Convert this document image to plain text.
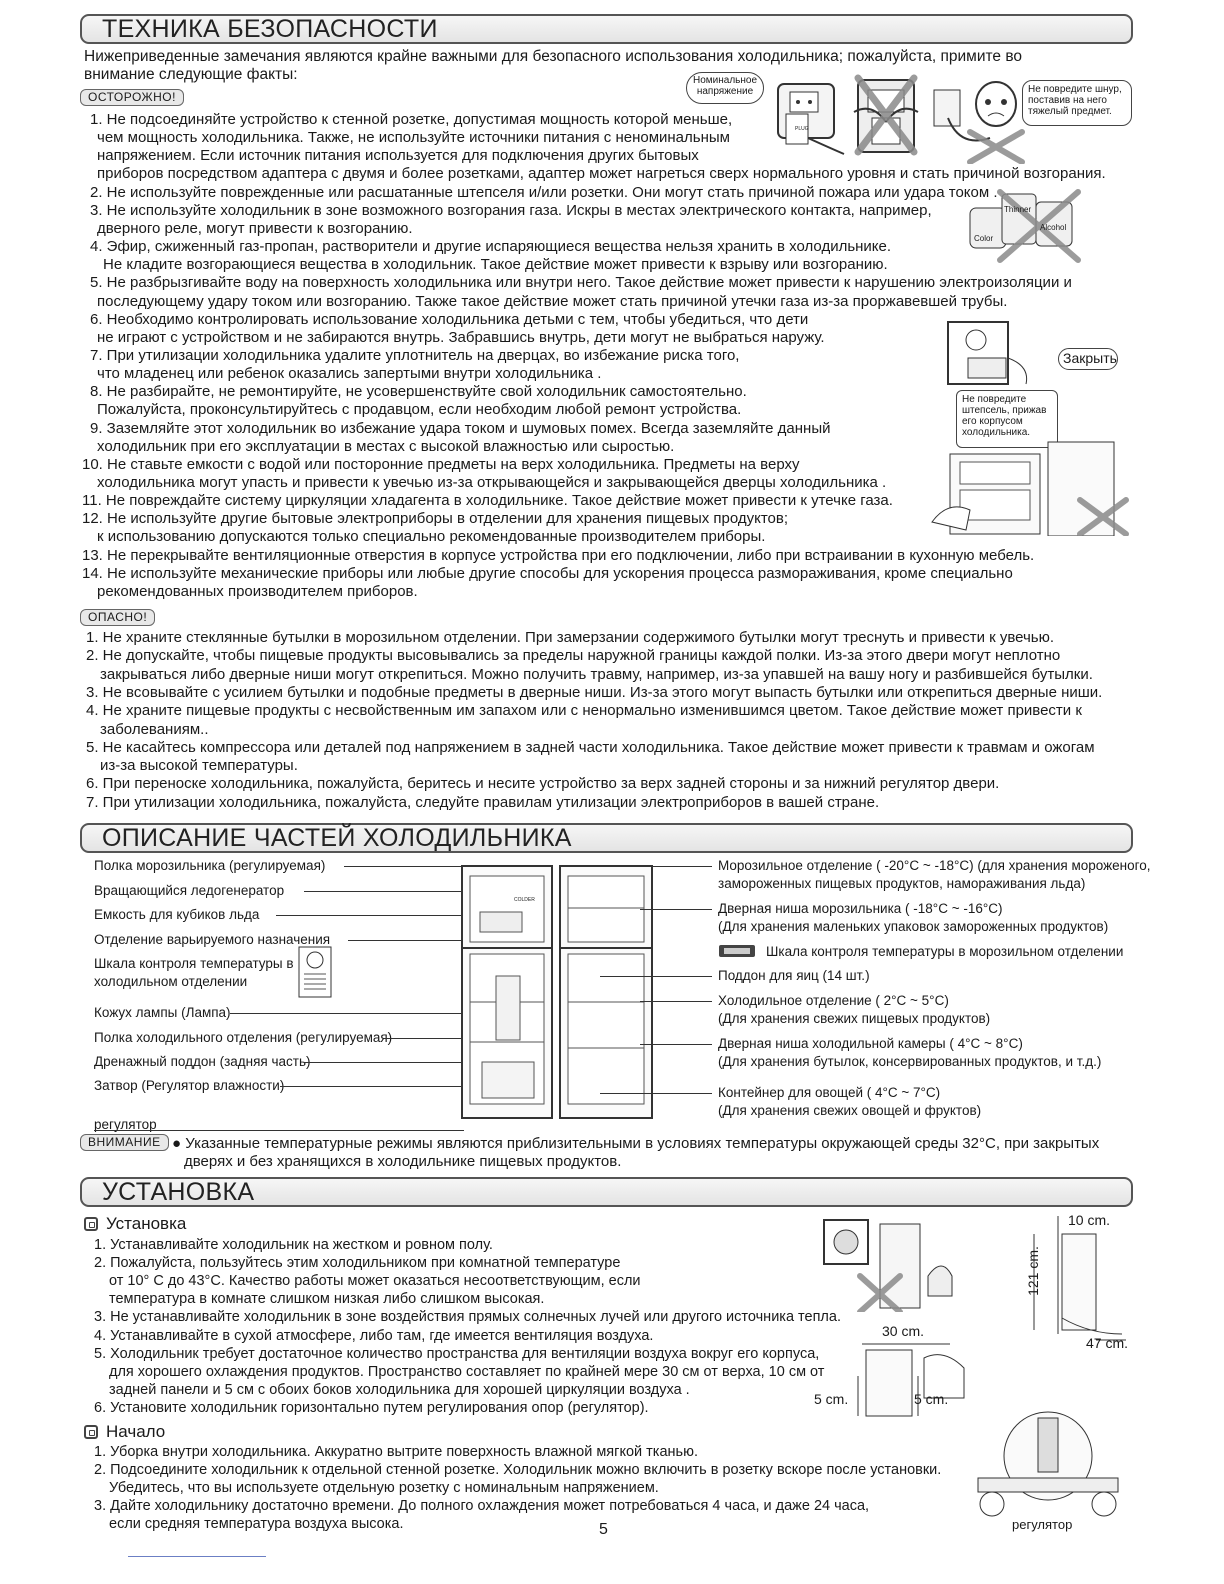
ТЕХНИКА БЕЗОПАСНОСТИ
Нижеприведенные замечания являются крайне важными для безопасного использования холодильника; пожалуйста, примите во
внимание следующие факты:
ОСТОРОЖНО!
1. Не подсоединяйте устройство к стенной розетке, допустимая мощность которой меньше,
чем мощность холодильника. Также, не используйте источники питания с неноминальным
напряжением. Если источник питания используется для подключения других бытовых
приборов посредством адаптера с двумя и более розетками, адаптер может нагреться сверх нормального уровня и стать причиной возгорания.
2. Не используйте поврежденные или расшатанные штепселя и/или розетки. Они могут стать причиной пожара или удара током .
3. Не используйте холодильник в зоне возможного возгорания газа. Искры в местах электрического контакта, например,
дверного реле, могут привести к возгоранию.
4. Эфир, сжиженный газ-пропан, растворители и другие испаряющиеся вещества нельзя хранить в холодильнике.
Не кладите возгорающиеся вещества в холодильник. Такое действие может привести к взрыву или возгоранию.
5. Не разбрызгивайте воду на поверхность холодильника или внутри него. Такое действие может привести к нарушению электроизоляции и
последующему удару током или возгоранию. Также такое действие может стать причиной утечки газа из-за проржавевшей трубы.
6. Необходимо контролировать использование холодильника детьми с тем, чтобы убедиться, что дети
не играют с устройством и не забираются внутрь. Забравшись внутрь, дети могут не выбраться наружу.
7. При утилизации холодильника удалите уплотнитель на дверцах, во избежание риска того,
что младенец или ребенок оказались запертыми внутри холодильника .
8. Не разбирайте, не ремонтируйте, не усовершенствуйте свой холодильник самостоятельно.
Пожалуйста, проконсультируйтесь с продавцом, если необходим любой ремонт устройства.
9. Заземляйте этот холодильник во избежание удара током и шумовых помех. Всегда заземляйте данный
холодильник при его эксплуатации в местах с высокой влажностью или сыростью.
10. Не ставьте емкости с водой или посторонние предметы на верх холодильника. Предметы на верху
холодильника могут упасть и привести к увечью из-за открывающейся и закрывающейся дверцы холодильника .
11. Не повреждайте систему циркуляции хладагента в холодильнике. Такое действие может привести к утечке газа.
12. Не используйте другие бытовые электроприборы в отделении для хранения пищевых продуктов;
к использованию допускаются только специально рекомендованные производителем приборы.
13. Не перекрывайте вентиляционные отверстия в корпусе устройства при его подключении, либо при встраивании в кухонную мебель.
14. Не используйте механические приборы или любые другие способы для ускорения процесса размораживания, кроме специально
рекомендованных производителем приборов.
ОПАСНО!
1. Не храните стеклянные бутылки в морозильном отделении. При замерзании содержимого бутылки могут треснуть и привести к увечью.
2. Не допускайте, чтобы пищевые продукты высовывались за пределы наружной границы каждой полки. Из-за этого двери могут неплотно
закрываться либо дверные ниши могут открепиться. Можно получить травму, например, из-за упавшей на вашу ногу и разбившейся бутылки.
3. Не всовывайте с усилием бутылки и подобные предметы в дверные ниши. Из-за этого могут выпасть бутылки или открепиться дверные ниши.
4. Не храните пищевые продукты с несвойственным им запахом или с ненормально изменившимся цветом. Такое действие может привести к
заболеваниям..
5. Не касайтесь компрессора или деталей под напряжением в задней части холодильника. Такое действие может привести к травмам и ожогам
из-за высокой температуры.
6. При переноске холодильника, пожалуйста, беритесь и несите устройство за верх задней стороны и за нижний регулятор двери.
7. При утилизации холодильника, пожалуйста, следуйте правилам утилизации электроприборов в вашей стране.
Номинальное
напряжение
PLUG
Не повредите шнур,
поставив на него
тяжелый предмет.
Color
Thinner
Alcohol
Закрыть
Не повредите
штепсель, прижав
его корпусом
холодильника.
ОПИСАНИЕ ЧАСТЕЙ ХОЛОДИЛЬНИКА
Полка морозильника (регулируемая)
Вращающийся ледогенератор
Емкость для кубиков льда
Отделение варьируемого назначения
Шкала контроля температуры в
холодильном отделении
Кожух лампы (Лампа)
Полка холодильного отделения (регулируемая)
Дренажный поддон (задняя часть)
Затвор (Регулятор влажности)
регулятор
COLDER
Морозильное отделение ( -20°C ~ -18°C) (для хранения мороженого,
замороженных пищевых продуктов, намораживания льда)
Дверная ниша морозильника ( -18°C ~ -16°C)
(Для хранения маленьких упаковок замороженных продуктов)
Шкала контроля температуры в морозильном отделении
Поддон для яиц (14 шт.)
Холодильное отделение ( 2°C ~ 5°C)
(Для хранения свежих пищевых продуктов)
Дверная ниша холодильной камеры ( 4°C ~ 8°C)
(Для хранения бутылок, консервированных продуктов, и т.д.)
Контейнер для овощей ( 4°C ~ 7°C)
(Для хранения свежих овощей и фруктов)
ВНИМАНИЕ ● Указанные температурные режимы являются приблизительными в условиях температуры окружающей среды 32°C, при закрытых
дверях и без хранящихся в холодильнике пищевых продуктов.
УСТАНОВКА
Установка
1. Устанавливайте холодильник на жестком и ровном полу.
2. Пожалуйста, пользуйтесь этим холодильником при комнатной температуре
от 10° C до 43°C. Качество работы может оказаться несоответствующим, если
температура в комнате слишком низкая либо слишком высокая.
3. Не устанавливайте холодильник в зоне воздействия прямых солнечных лучей или другого источника тепла.
4. Устанавливайте в сухой атмосфере, либо там, где имеется вентиляция воздуха.
5. Холодильник требует достаточное количество пространства для вентиляции воздуха вокруг его корпуса,
для хорошего охлаждения продуктов. Пространство составляет по крайней мере 30 см от верха, 10 см от
задней панели и 5 см с обоих боков холодильника для хорошей циркуляции воздуха .
6. Установите холодильник горизонтально путем регулирования опор (регулятор).
Начало
1. Уборка внутри холодильника. Аккуратно вытрите поверхность влажной мягкой тканью.
2. Подсоедините холодильник к отдельной стенной розетке. Холодильник можно включить в розетку вскоре после установки.
Убедитесь, что вы используете отдельную розетку с номинальным напряжением.
3. Дайте холодильнику достаточно времени. До полного охлаждения может потребоваться 4 часа, и даже 24 часа,
если средняя температура воздуха высока.
10 cm.
121 cm.
47 cm.
30 cm.
5 cm.	5 cm.
регулятор
5
